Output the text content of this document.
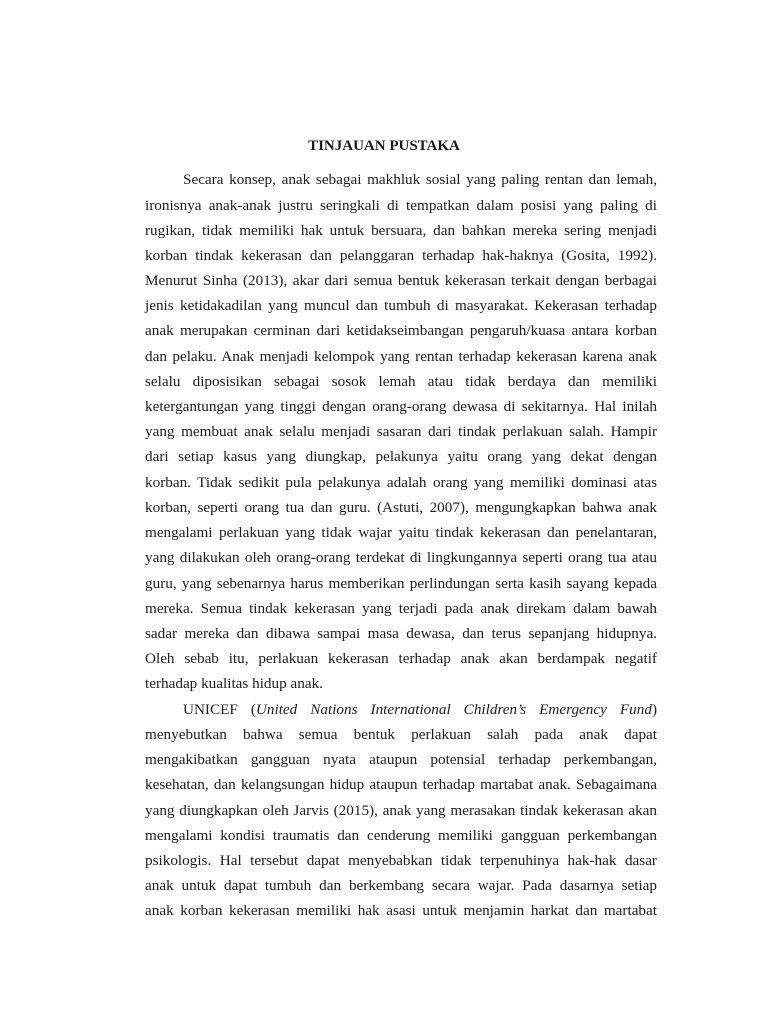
TINJAUAN PUSTAKA
Secara konsep, anak sebagai makhluk sosial yang paling rentan dan lemah,
ironisnya anak-anak justru seringkali di tempatkan dalam posisi yang paling di
rugikan, tidak memiliki hak untuk bersuara, dan bahkan mereka sering menjadi
korban tindak kekerasan dan pelanggaran terhadap hak-haknya (Gosita, 1992).
Menurut Sinha (2013), akar dari semua bentuk kekerasan terkait dengan berbagai
jenis ketidakadilan yang muncul dan tumbuh di masyarakat. Kekerasan terhadap
anak merupakan cerminan dari ketidakseimbangan pengaruh/kuasa antara korban
dan pelaku. Anak menjadi kelompok yang rentan terhadap kekerasan karena anak
selalu diposisikan sebagai sosok lemah atau tidak berdaya dan memiliki
ketergantungan yang tinggi dengan orang-orang dewasa di sekitarnya. Hal inilah
yang membuat anak selalu menjadi sasaran dari tindak perlakuan salah. Hampir
dari setiap kasus yang diungkap, pelakunya yaitu orang yang dekat dengan
korban. Tidak sedikit pula pelakunya adalah orang yang memiliki dominasi atas
korban, seperti orang tua dan guru. (Astuti, 2007), mengungkapkan bahwa anak
mengalami perlakuan yang tidak wajar yaitu tindak kekerasan dan penelantaran,
yang dilakukan oleh orang-orang terdekat di lingkungannya seperti orang tua atau
guru, yang sebenarnya harus memberikan perlindungan serta kasih sayang kepada
mereka. Semua tindak kekerasan yang terjadi pada anak direkam dalam bawah
sadar mereka dan dibawa sampai masa dewasa, dan terus sepanjang hidupnya.
Oleh sebab itu, perlakuan kekerasan terhadap anak akan berdampak negatif
terhadap kualitas hidup anak.
UNICEF (United Nations International Children’s Emergency Fund)
menyebutkan bahwa semua bentuk perlakuan salah pada anak dapat
mengakibatkan gangguan nyata ataupun potensial terhadap perkembangan,
kesehatan, dan kelangsungan hidup ataupun terhadap martabat anak. Sebagaimana
yang diungkapkan oleh Jarvis (2015), anak yang merasakan tindak kekerasan akan
mengalami kondisi traumatis dan cenderung memiliki gangguan perkembangan
psikologis. Hal tersebut dapat menyebabkan tidak terpenuhinya hak-hak dasar
anak untuk dapat tumbuh dan berkembang secara wajar. Pada dasarnya setiap
anak korban kekerasan memiliki hak asasi untuk menjamin harkat dan martabat
